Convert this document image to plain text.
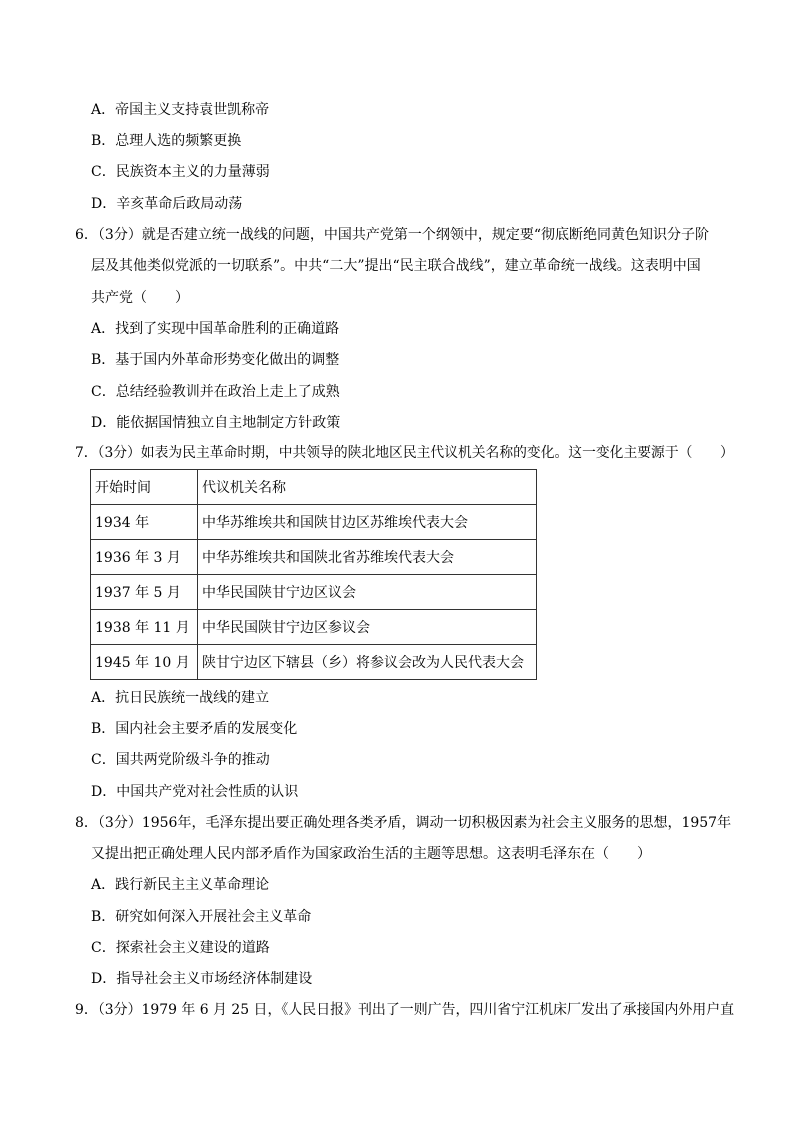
A．帝国主义支持袁世凯称帝
B．总理人选的频繁更换
C．民族资本主义的力量薄弱
D．辛亥革命后政局动荡
6．（3分）就是否建立统一战线的问题，中国共产党第一个纲领中，规定要“彻底断绝同黄色知识分子阶
层及其他类似党派的一切联系”。中共“二大”提出“民主联合战线”，建立革命统一战线。这表明中国
共产党（　　）
A．找到了实现中国革命胜利的正确道路
B．基于国内外革命形势变化做出的调整
C．总结经验教训并在政治上走上了成熟
D．能依据国情独立自主地制定方针政策
7．（3分）如表为民主革命时期，中共领导的陕北地区民主代议机关名称的变化。这一变化主要源于（　　）
开始时间	代议机关名称
1934 年	中华苏维埃共和国陕甘边区苏维埃代表大会
1936 年 3 月	中华苏维埃共和国陕北省苏维埃代表大会
1937 年 5 月	中华民国陕甘宁边区议会
1938 年 11 月	中华民国陕甘宁边区参议会
1945 年 10 月	陕甘宁边区下辖县（乡）将参议会改为人民代表大会
A．抗日民族统一战线的建立
B．国内社会主要矛盾的发展变化
C．国共两党阶级斗争的推动
D．中国共产党对社会性质的认识
8．（3分）1956年，毛泽东提出要正确处理各类矛盾，调动一切积极因素为社会主义服务的思想，1957年
又提出把正确处理人民内部矛盾作为国家政治生活的主题等思想。这表明毛泽东在（　　）
A．践行新民主主义革命理论
B．研究如何深入开展社会主义革命
C．探索社会主义建设的道路
D．指导社会主义市场经济体制建设
9．（3分）1979 年 6 月 25 日，《人民日报》刊出了一则广告，四川省宁江机床厂发出了承接国内外用户直
